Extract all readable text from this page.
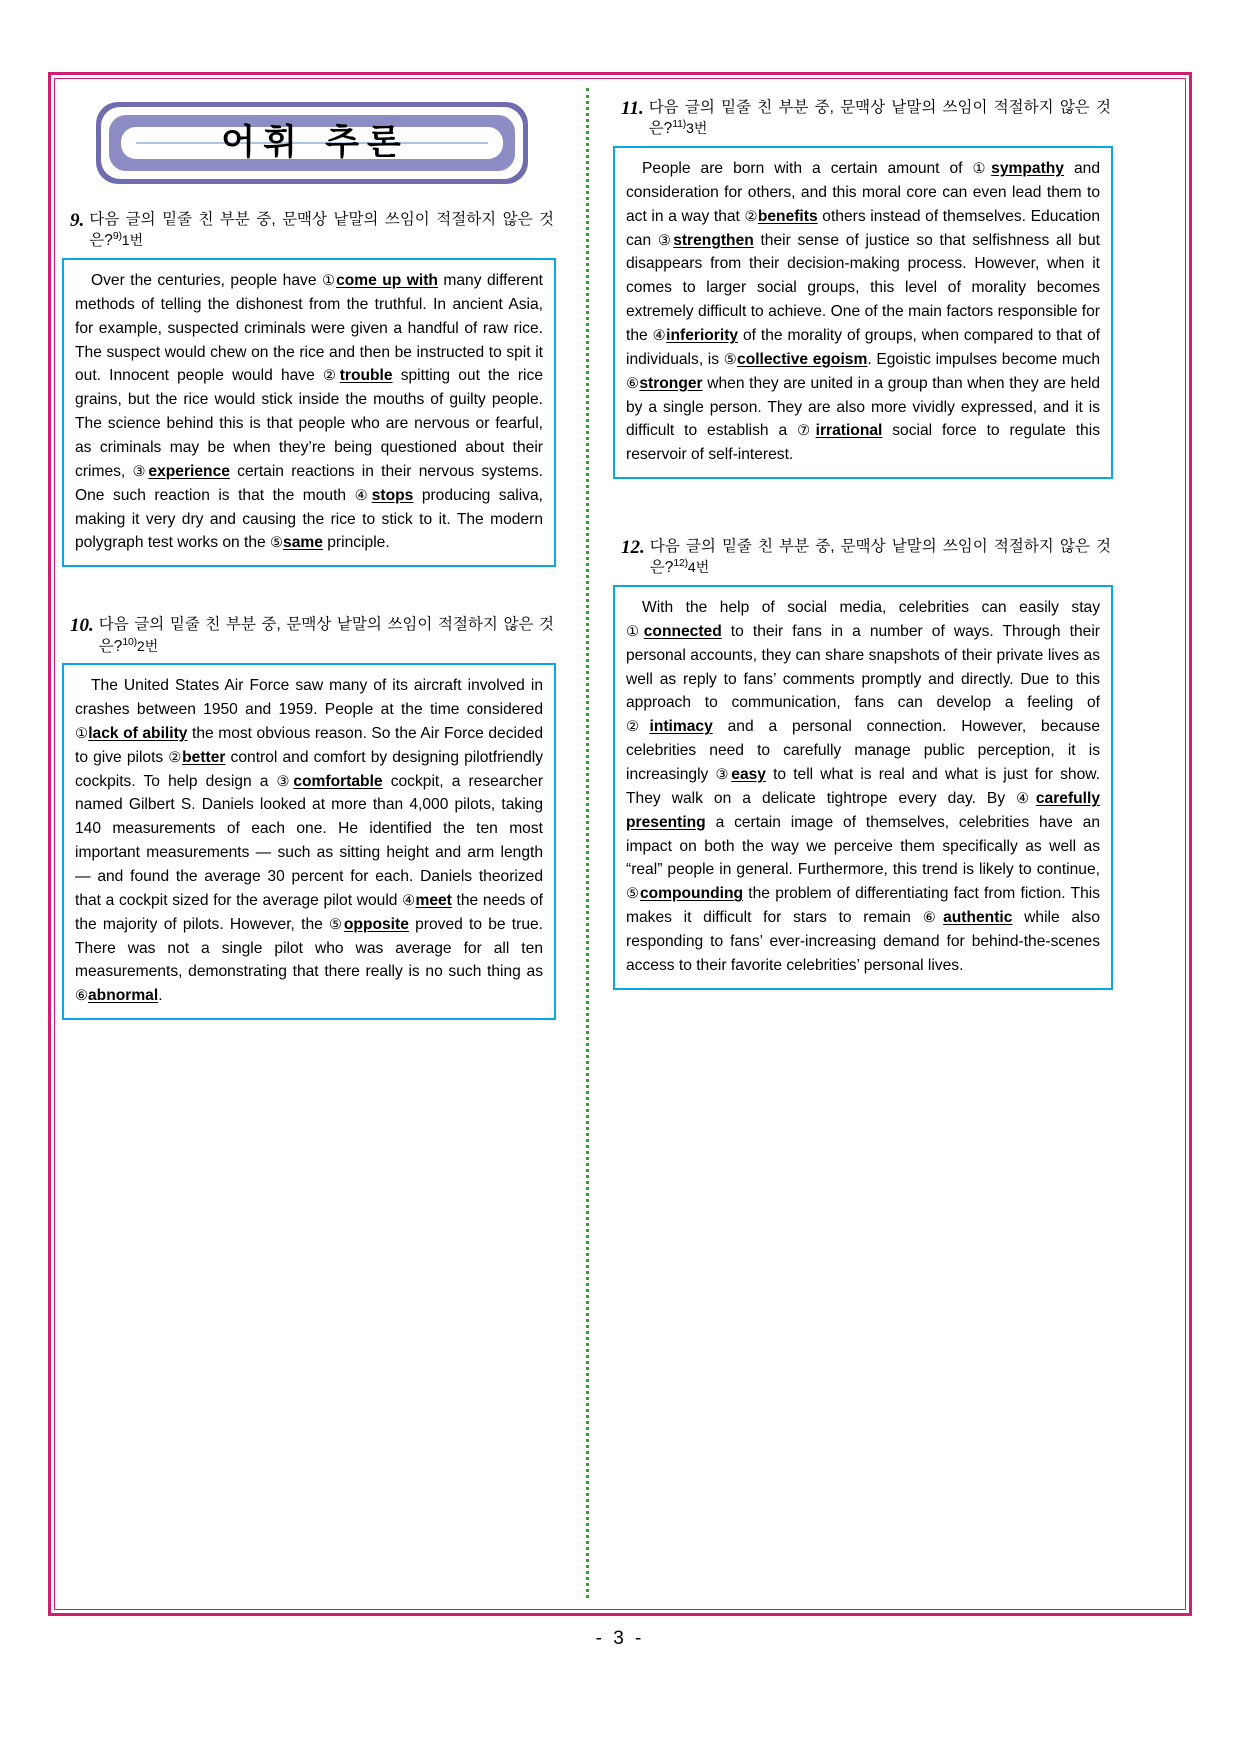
어휘 추론
9. 다음 글의 밑줄 친 부분 중, 문맥상 낱말의 쓰임이 적절하지 않은 것
은?$^{9)}$1번
Over the centuries, people have ①come up with many different methods of telling the dishonest from the truthful. In ancient Asia, for example, suspected criminals were given a handful of raw rice. The suspect would chew on the rice and then be instructed to spit it out. Innocent people would have ②trouble spitting out the rice grains, but the rice would stick inside the mouths of guilty people. The science behind this is that people who are nervous or fearful, as criminals may be when they’re being questioned about their crimes, ③experience certain reactions in their nervous systems. One such reaction is that the mouth ④stops producing saliva, making it very dry and causing the rice to stick to it. The modern polygraph test works on the ⑤same principle.
10. 다음 글의 밑줄 친 부분 중, 문맥상 낱말의 쓰임이 적절하지 않은 것
은?$^{10)}$2번
The United States Air Force saw many of its aircraft involved in crashes between 1950 and 1959. People at the time considered ①lack of ability the most obvious reason. So the Air Force decided to give pilots ②better control and comfort by designing pilotfriendly cockpits. To help design a ③comfortable cockpit, a researcher named Gilbert S. Daniels looked at more than 4,000 pilots, taking 140 measurements of each one. He identified the ten most important measurements — such as sitting height and arm length — and found the average 30 percent for each. Daniels theorized that a cockpit sized for the average pilot would ④meet the needs of the majority of pilots. However, the ⑤opposite proved to be true. There was not a single pilot who was average for all ten measurements, demonstrating that there really is no such thing as ⑥abnormal.
11. 다음 글의 밑줄 친 부분 중, 문맥상 낱말의 쓰임이 적절하지 않은 것
은?$^{11)}$3번
People are born with a certain amount of ①sympathy and consideration for others, and this moral core can even lead them to act in a way that ②benefits others instead of themselves. Education can ③strengthen their sense of justice so that selfishness all but disappears from their decision-making process. However, when it comes to larger social groups, this level of morality becomes extremely difficult to achieve. One of the main factors responsible for the ④inferiority of the morality of groups, when compared to that of individuals, is ⑤collective egoism. Egoistic impulses become much ⑥stronger when they are united in a group than when they are held by a single person. They are also more vividly expressed, and it is difficult to establish a ⑦irrational social force to regulate this reservoir of self-interest.
12. 다음 글의 밑줄 친 부분 중, 문맥상 낱말의 쓰임이 적절하지 않은 것
은?$^{12)}$4번
With the help of social media, celebrities can easily stay ①connected to their fans in a number of ways. Through their personal accounts, they can share snapshots of their private lives as well as reply to fans’ comments promptly and directly. Due to this approach to communication, fans can develop a feeling of ②intimacy and a personal connection. However, because celebrities need to carefully manage public perception, it is increasingly ③easy to tell what is real and what is just for show. They walk on a delicate tightrope every day. By ④carefully presenting a certain image of themselves, celebrities have an impact on both the way we perceive them specifically as well as “real” people in general. Furthermore, this trend is likely to continue, ⑤compounding the problem of differentiating fact from fiction. This makes it difficult for stars to remain ⑥authentic while also responding to fans’ ever-increasing demand for behind-the-scenes access to their favorite celebrities’ personal lives.
- 3 -
